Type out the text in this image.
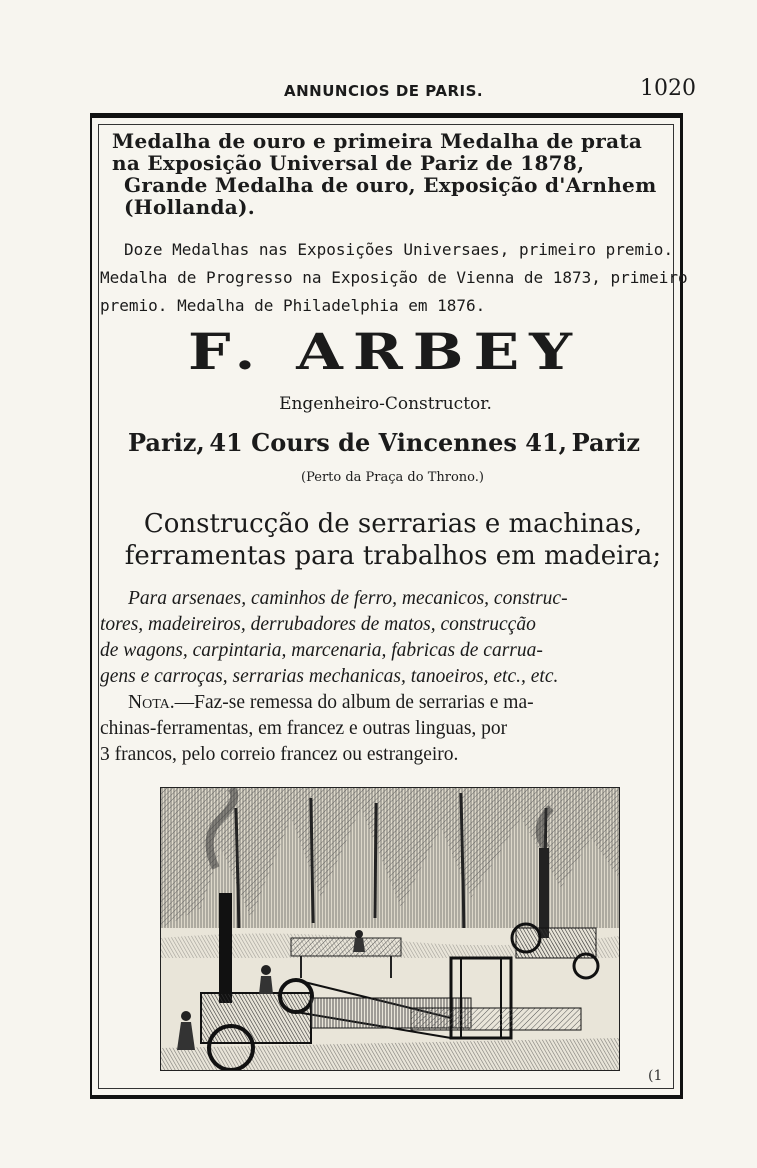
ANNUNCIOS DE PARIS.	1020
Medalha de ouro e primeira Medalha de prata
na Exposição Universal de Pariz de 1878,
Grande Medalha de ouro, Exposição d'Arnhem
(Hollanda).
Doze Medalhas nas Exposições Universaes, primeiro premio.
Medalha de Progresso na Exposição de Vienna de 1873, primeiro
premio. Medalha de Philadelphia em 1876.
F. ARBEY
Engenheiro-Constructor.
Pariz, 41 Cours de Vincennes 41, Pariz
(Perto da Praça do Throno.)
Construcção de serrarias e machinas,
ferramentas para trabalhos em madeira;
Para arsenaes, caminhos de ferro, mecanicos, construc-
tores, madeireiros, derrubadores de matos, construcção
de wagons, carpintaria, marcenaria, fabricas de carrua-
gens e carroças, serrarias mechanicas, tanoeiros, etc., etc.
Nota.—Faz-se remessa do album de serrarias e ma-
chinas-ferramentas, em francez e outras linguas, por
3 francos, pelo correio francez ou estrangeiro.
(1
